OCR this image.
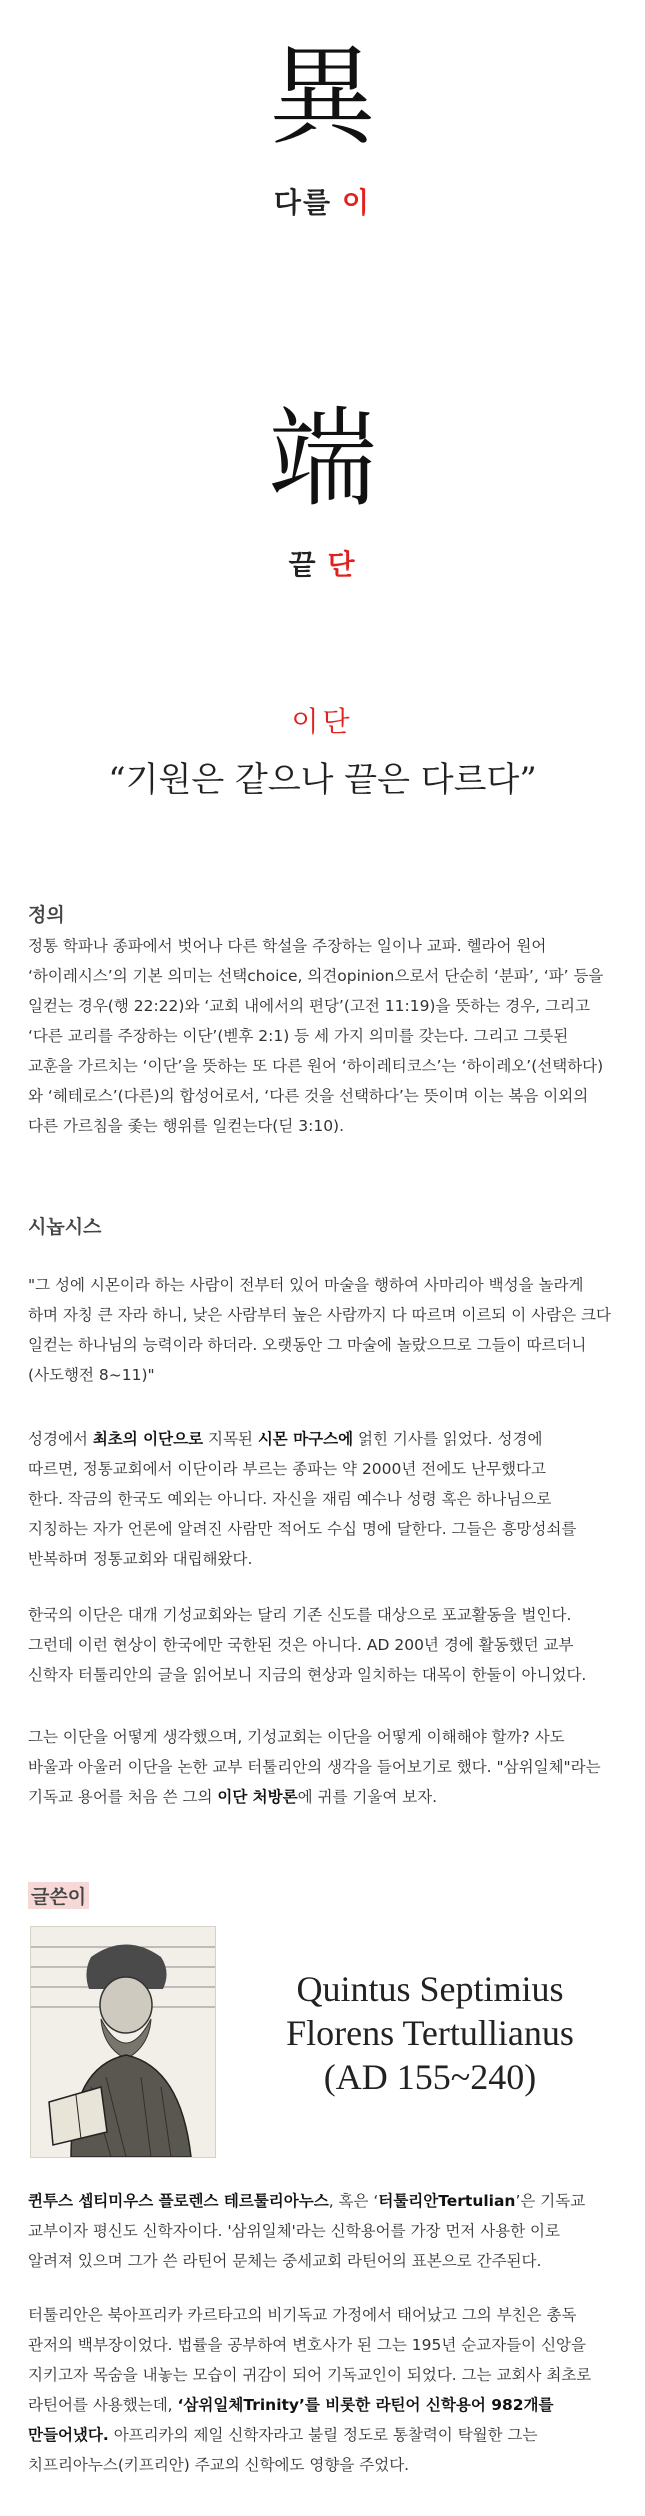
異
다를 이
端
끝 단
이단
“기원은 같으나 끝은 다르다”
정의
정통 학파나 종파에서 벗어나 다른 학설을 주장하는 일이나 교파. 헬라어 원어
‘하이레시스’의 기본 의미는 선택choice, 의견opinion으로서 단순히 ‘분파’, ‘파’ 등을
일컫는 경우(행 22:22)와 ‘교회 내에서의 편당’(고전 11:19)을 뜻하는 경우, 그리고
‘다른 교리를 주장하는 이단’(벧후 2:1) 등 세 가지 의미를 갖는다. 그리고 그릇된
교훈을 가르치는 ‘이단’을 뜻하는 또 다른 원어 ‘하이레티코스’는 ‘하이레오’(선택하다)
와 ‘헤테로스’(다른)의 합성어로서, ‘다른 것을 선택하다’는 뜻이며 이는 복음 이외의
다른 가르침을 좇는 행위를 일컫는다(딛 3:10).
시놉시스
"그 성에 시몬이라 하는 사람이 전부터 있어 마술을 행하여 사마리아 백성을 놀라게
하며 자칭 큰 자라 하니, 낮은 사람부터 높은 사람까지 다 따르며 이르되 이 사람은 크다
일컫는 하나님의 능력이라 하더라. 오랫동안 그 마술에 놀랐으므로 그들이 따르더니
(사도행전 8~11)"
성경에서 최초의 이단으로 지목된 시몬 마구스에 얽힌 기사를 읽었다. 성경에
따르면, 정통교회에서 이단이라 부르는 종파는 약 2000년 전에도 난무했다고
한다. 작금의 한국도 예외는 아니다. 자신을 재림 예수나 성령 혹은 하나님으로
지칭하는 자가 언론에 알려진 사람만 적어도 수십 명에 달한다. 그들은 흥망성쇠를
반복하며 정통교회와 대립해왔다.
한국의 이단은 대개 기성교회와는 달리 기존 신도를 대상으로 포교활동을 벌인다.
그런데 이런 현상이 한국에만 국한된 것은 아니다. AD 200년 경에 활동했던 교부
신학자 터툴리안의 글을 읽어보니 지금의 현상과 일치하는 대목이 한둘이 아니었다.
그는 이단을 어떻게 생각했으며, 기성교회는 이단을 어떻게 이해해야 할까? 사도
바울과 아울러 이단을 논한 교부 터툴리안의 생각을 들어보기로 했다. "삼위일체"라는
기독교 용어를 처음 쓴 그의 이단 처방론에 귀를 기울여 보자.
글쓴이
Quintus Septimius
Florens Tertullianus
(AD 155~240)
퀸투스 셉티미우스 플로렌스 테르툴리아누스, 혹은 ‘터툴리안Tertulian’은 기독교
교부이자 평신도 신학자이다. '삼위일체'라는 신학용어를 가장 먼저 사용한 이로
알려져 있으며 그가 쓴 라틴어 문체는 중세교회 라틴어의 표본으로 간주된다.
터툴리안은 북아프리카 카르타고의 비기독교 가정에서 태어났고 그의 부친은 총독
관저의 백부장이었다. 법률을 공부하여 변호사가 된 그는 195년 순교자들이 신앙을
지키고자 목숨을 내놓는 모습이 귀감이 되어 기독교인이 되었다. 그는 교회사 최초로
라틴어를 사용했는데, ‘삼위일체Trinity’를 비롯한 라틴어 신학용어 982개를
만들어냈다. 아프리카의 제일 신학자라고 불릴 정도로 통찰력이 탁월한 그는
치프리아누스(키프리안) 주교의 신학에도 영향을 주었다.
